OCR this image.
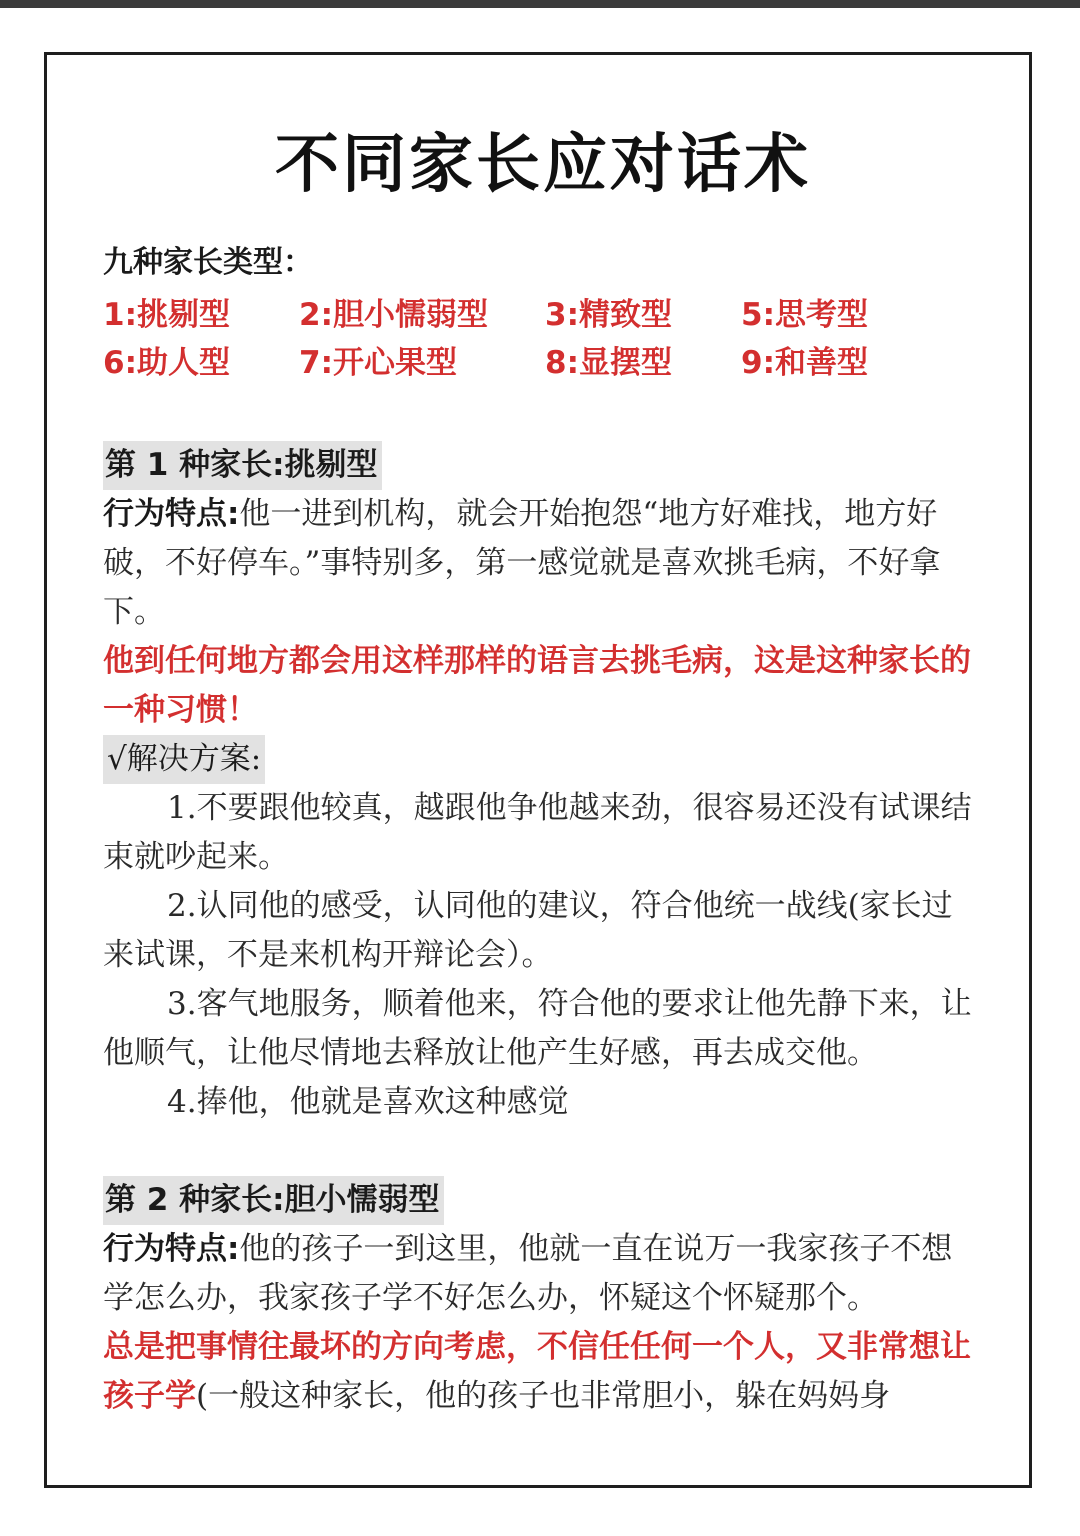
不同家长应对话术
九种家长类型：
1:挑剔型 2:胆小懦弱型 3:精致型 5:思考型
6:助人型 7:开心果型	8:显摆型 9:和善型

第 1 种家长:挑剔型

行为特点:他一进到机构，就会开始抱怨“地方好难找，地方好破，不好停车。”事特别多，第一感觉就是喜欢挑毛病，不好拿下。

他到任何地方都会用这样那样的语言去挑毛病，这是这种家长的一种习惯！

√解决方案:

1.不要跟他较真，越跟他争他越来劲，很容易还没有试课结束就吵起来。

2.认同他的感受，认同他的建议，符合他统一战线(家长过来试课，不是来机构开辩论会）。

3.客气地服务，顺着他来，符合他的要求让他先静下来，让他顺气，让他尽情地去释放让他产生好感，再去成交他。

4.捧他，他就是喜欢这种感觉

第 2 种家长:胆小懦弱型

行为特点:他的孩子一到这里，他就一直在说万一我家孩子不想学怎么办，我家孩子学不好怎么办，怀疑这个怀疑那个。

总是把事情往最坏的方向考虑，不信任任何一个人，又非常想让孩子学(一般这种家长，他的孩子也非常胆小，躲在妈妈身
